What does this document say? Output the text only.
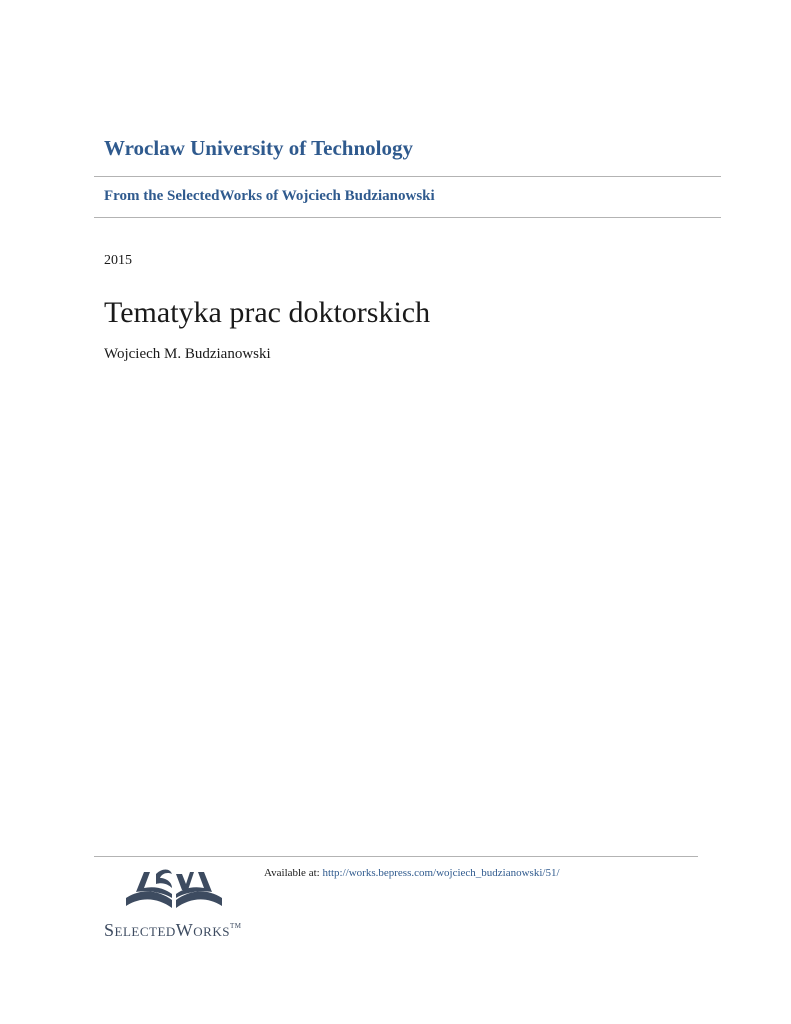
Wroclaw University of Technology
From the SelectedWorks of Wojciech Budzianowski
2015
Tematyka prac doktorskich
Wojciech M. Budzianowski
SelectedWorks™
Available at: http://works.bepress.com/wojciech_budzianowski/51/
